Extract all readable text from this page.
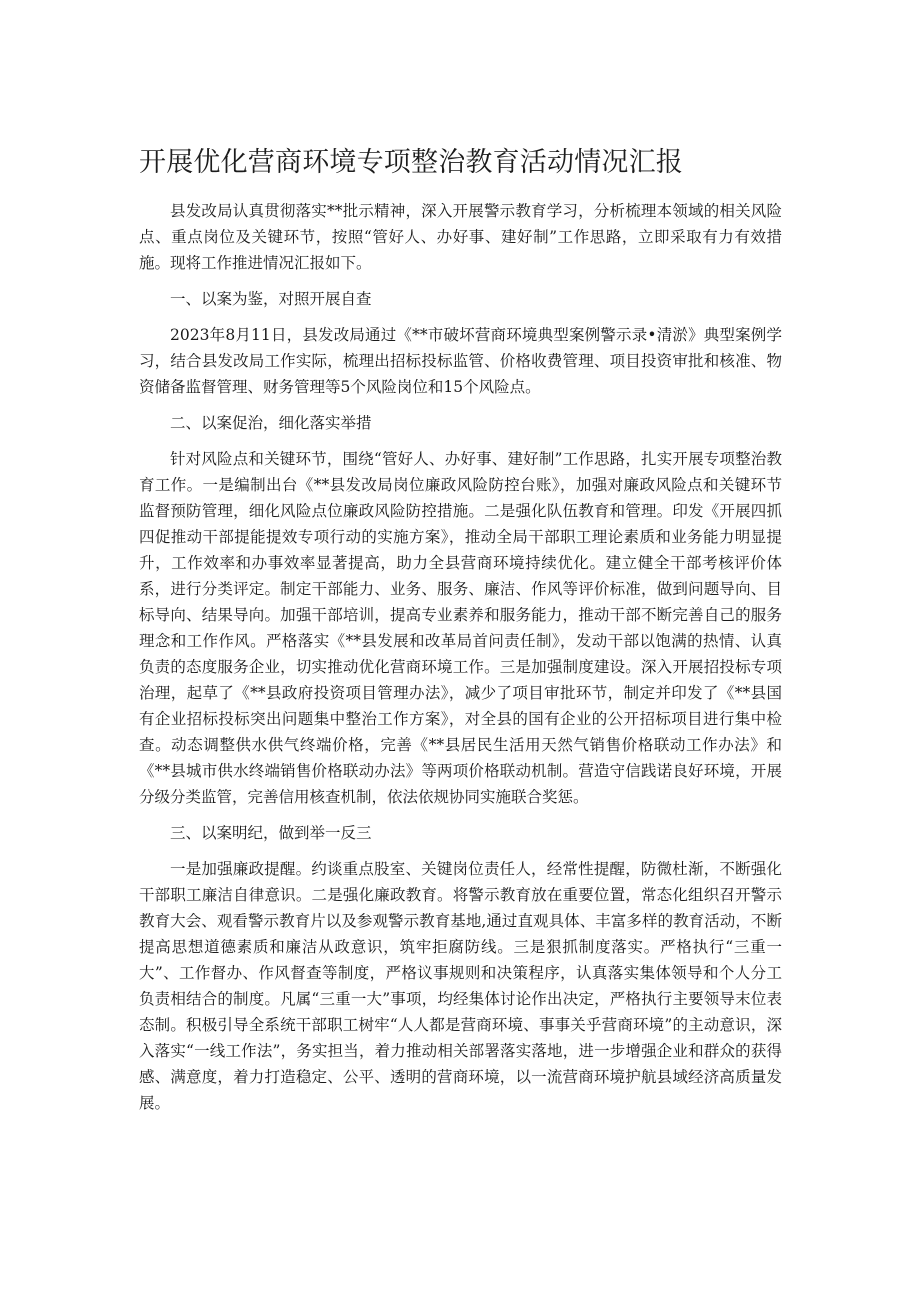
开展优化营商环境专项整治教育活动情况汇报

县发改局认真贯彻落实**批示精神，深入开展警示教育学习，分析梳理本领域的相关风险点、重点岗位及关键环节，按照“管好人、办好事、建好制”工作思路，立即采取有力有效措施。现将工作推进情况汇报如下。

一、以案为鉴，对照开展自查

2023年8月11日，县发改局通过《**市破坏营商环境典型案例警示录•清淤》典型案例学习，结合县发改局工作实际，梳理出招标投标监管、价格收费管理、项目投资审批和核准、物资储备监督管理、财务管理等5个风险岗位和15个风险点。

二、以案促治，细化落实举措

针对风险点和关键环节，围绕“管好人、办好事、建好制”工作思路，扎实开展专项整治教育工作。一是编制出台《**县发改局岗位廉政风险防控台账》，加强对廉政风险点和关键环节监督预防管理，细化风险点位廉政风险防控措施。二是强化队伍教育和管理。印发《开展四抓四促推动干部提能提效专项行动的实施方案》，推动全局干部职工理论素质和业务能力明显提升，工作效率和办事效率显著提高，助力全县营商环境持续优化。建立健全干部考核评价体系，进行分类评定。制定干部能力、业务、服务、廉洁、作风等评价标准，做到问题导向、目标导向、结果导向。加强干部培训，提高专业素养和服务能力，推动干部不断完善自己的服务理念和工作作风。严格落实《**县发展和改革局首问责任制》，发动干部以饱满的热情、认真负责的态度服务企业，切实推动优化营商环境工作。三是加强制度建设。深入开展招投标专项治理，起草了《**县政府投资项目管理办法》，减少了项目审批环节，制定并印发了《**县国有企业招标投标突出问题集中整治工作方案》，对全县的国有企业的公开招标项目进行集中检查。动态调整供水供气终端价格，完善《**县居民生活用天然气销售价格联动工作办法》和《**县城市供水终端销售价格联动办法》等两项价格联动机制。营造守信践诺良好环境，开展分级分类监管，完善信用核查机制，依法依规协同实施联合奖惩。

三、以案明纪，做到举一反三

一是加强廉政提醒。约谈重点股室、关键岗位责任人，经常性提醒，防微杜渐，不断强化干部职工廉洁自律意识。二是强化廉政教育。将警示教育放在重要位置，常态化组织召开警示教育大会、观看警示教育片以及参观警示教育基地,通过直观具体、丰富多样的教育活动，不断提高思想道德素质和廉洁从政意识，筑牢拒腐防线。三是狠抓制度落实。严格执行“三重一大”、工作督办、作风督查等制度，严格议事规则和决策程序，认真落实集体领导和个人分工负责相结合的制度。凡属“三重一大”事项，均经集体讨论作出决定，严格执行主要领导末位表态制。积极引导全系统干部职工树牢“人人都是营商环境、事事关乎营商环境”的主动意识，深入落实“一线工作法”，务实担当，着力推动相关部署落实落地，进一步增强企业和群众的获得感、满意度，着力打造稳定、公平、透明的营商环境，以一流营商环境护航县域经济高质量发展。
